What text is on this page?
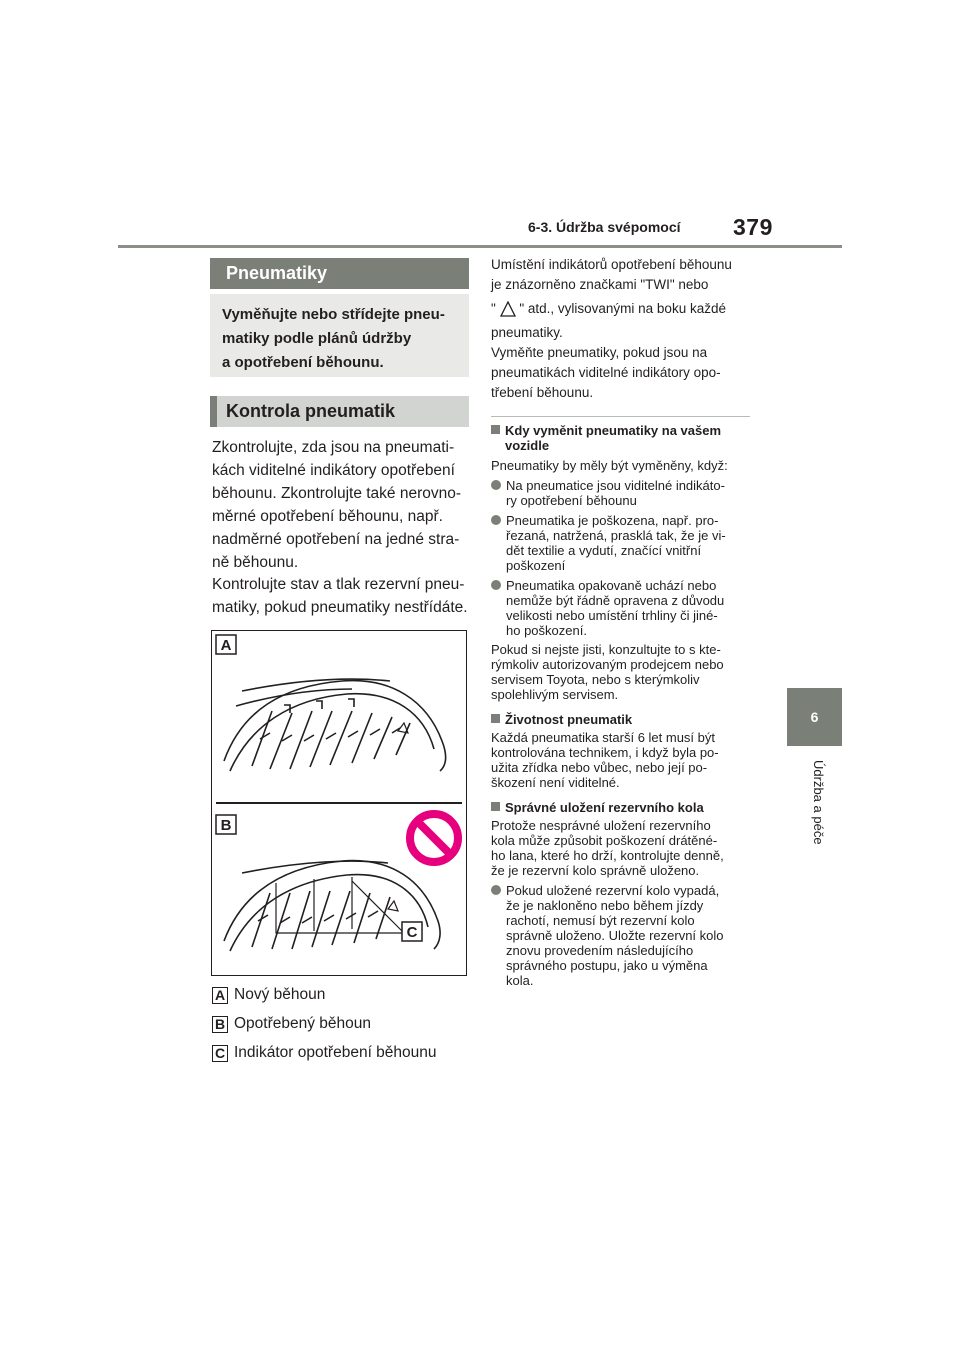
6-3. Údržba svépomocí 379
6
Údržba a péče
Pneumatiky
Vyměňujte nebo střídejte pneu-
matiky podle plánů údržby
a opotřebení běhounu.
Kontrola pneumatik
Zkontrolujte, zda jsou na pneumati-
kách viditelné indikátory opotřebení
běhounu. Zkontrolujte také nerovno-
měrné opotřebení běhounu, např.
nadměrné opotřebení na jedné stra-
ně běhounu.
Kontrolujte stav a tlak rezervní pneu-
matiky, pokud pneumatiky nestřídáte.
A
B
C
A Nový běhoun
B Opotřebený běhoun
C Indikátor opotřebení běhounu
Umístění indikátorů opotřebení běhounu
je znázorněno značkami "TWI" nebo
" " atd., vylisovanými na boku každé
pneumatiky.
Vyměňte pneumatiky, pokud jsou na
pneumatikách viditelné indikátory opo-
třebení běhounu.
Kdy vyměnit pneumatiky na vašem
vozidle
Pneumatiky by měly být vyměněny, když:
Na pneumatice jsou viditelné indikáto-
ry opotřebení běhounu
Pneumatika je poškozena, např. pro-
řezaná, natržená, prasklá tak, že je vi-
dět textilie a vydutí, značící vnitřní
poškození
Pneumatika opakovaně uchází nebo
nemůže být řádně opravena z důvodu
velikosti nebo umístění trhliny či jiné-
ho poškození.
Pokud si nejste jisti, konzultujte to s kte-
rýmkoliv autorizovaným prodejcem nebo
servisem Toyota, nebo s kterýmkoliv
spolehlivým servisem.
Životnost pneumatik
Každá pneumatika starší 6 let musí být
kontrolována technikem, i když byla po-
užita zřídka nebo vůbec, nebo její po-
škození není viditelné.
Správné uložení rezervního kola
Protože nesprávné uložení rezervního
kola může způsobit poškození drátěné-
ho lana, které ho drží, kontrolujte denně,
že je rezervní kolo správně uloženo.
Pokud uložené rezervní kolo vypadá,
že je nakloněno nebo během jízdy
rachotí, nemusí být rezervní kolo
správně uloženo. Uložte rezervní kolo
znovu provedením následujícího
správného postupu, jako u výměna
kola.
